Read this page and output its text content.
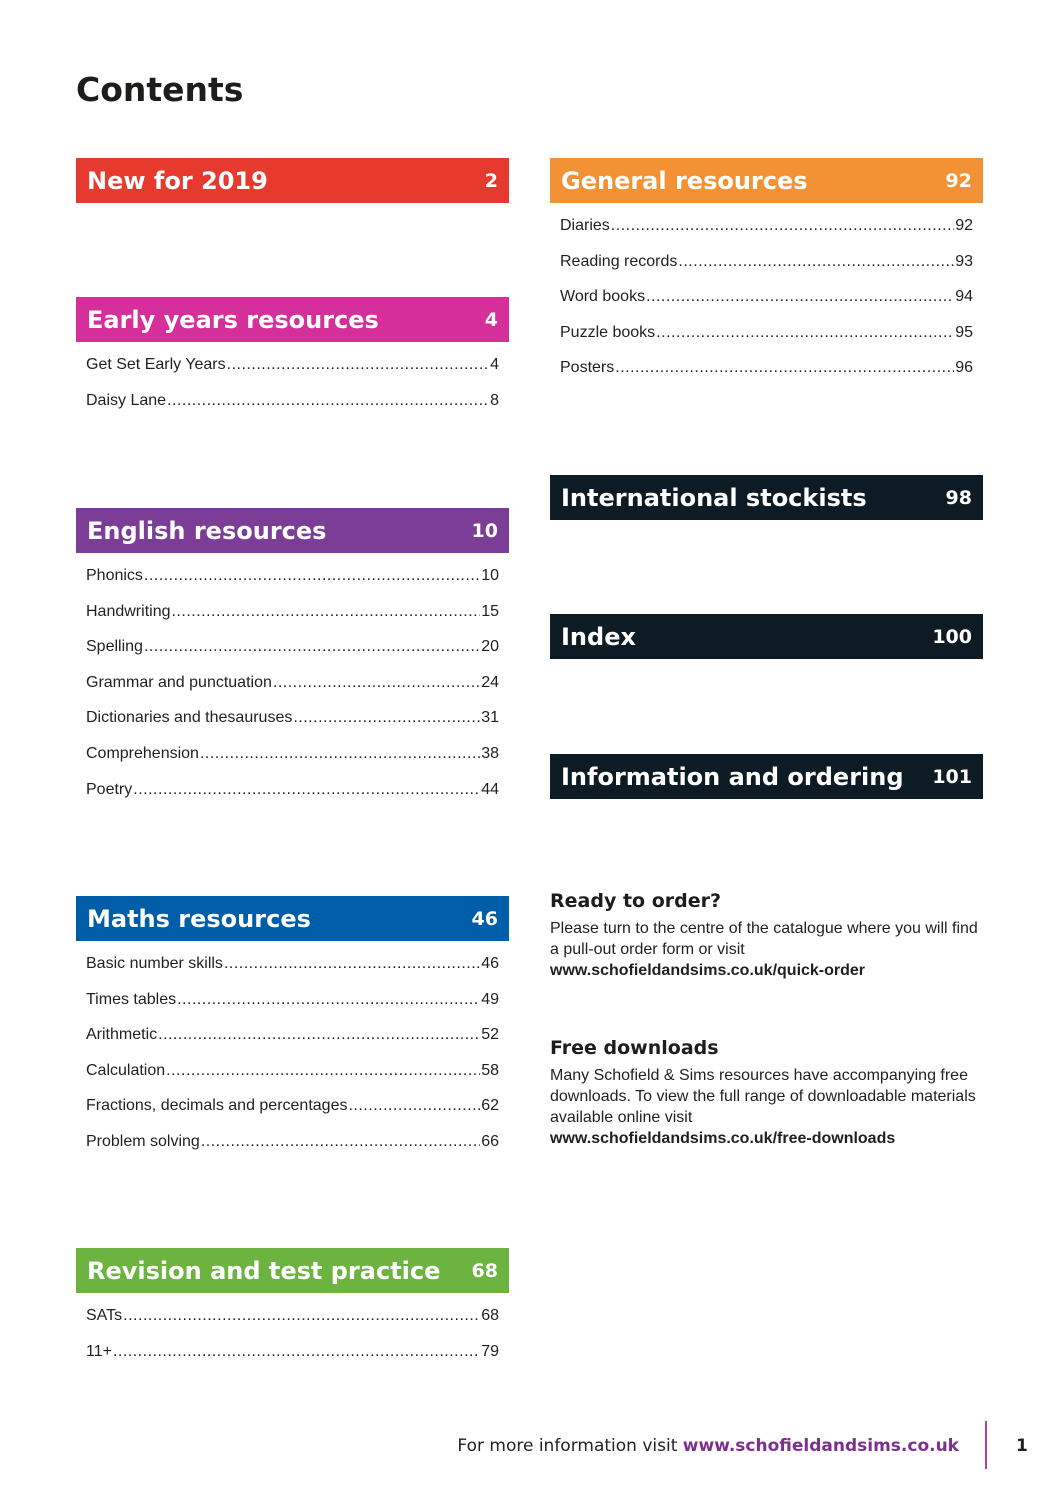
Contents
New for 2019	2
Early years resources	4
Get Set Early Years .....	4
Daisy Lane .....	8
English resources	10
Phonics .....	10
Handwriting .....	15
Spelling .....	20
Grammar and punctuation .....	24
Dictionaries and thesauruses .....	31
Comprehension .....	38
Poetry .....	44
Maths resources	46
Basic number skills .....	46
Times tables .....	49
Arithmetic .....	52
Calculation .....	58
Fractions, decimals and percentages .....	62
Problem solving .....	66
Revision and test practice 68
SATs .....	68
11+ .....	79
General resources	92
Diaries .....	92
Reading records .....	93
Word books .....	94
Puzzle books .....	95
Posters .....	96
International stockists	98
Index	100
Information and ordering 101
Ready to order?
Please turn to the centre of the catalogue where you will find a pull-out order form or visit
www.schofieldandsims.co.uk/quick-order
Free downloads
Many Schofield & Sims resources have accompanying free downloads. To view the full range of downloadable materials available online visit
www.schofieldandsims.co.uk/free-downloads
For more information visit www.schofieldandsims.co.uk	1
